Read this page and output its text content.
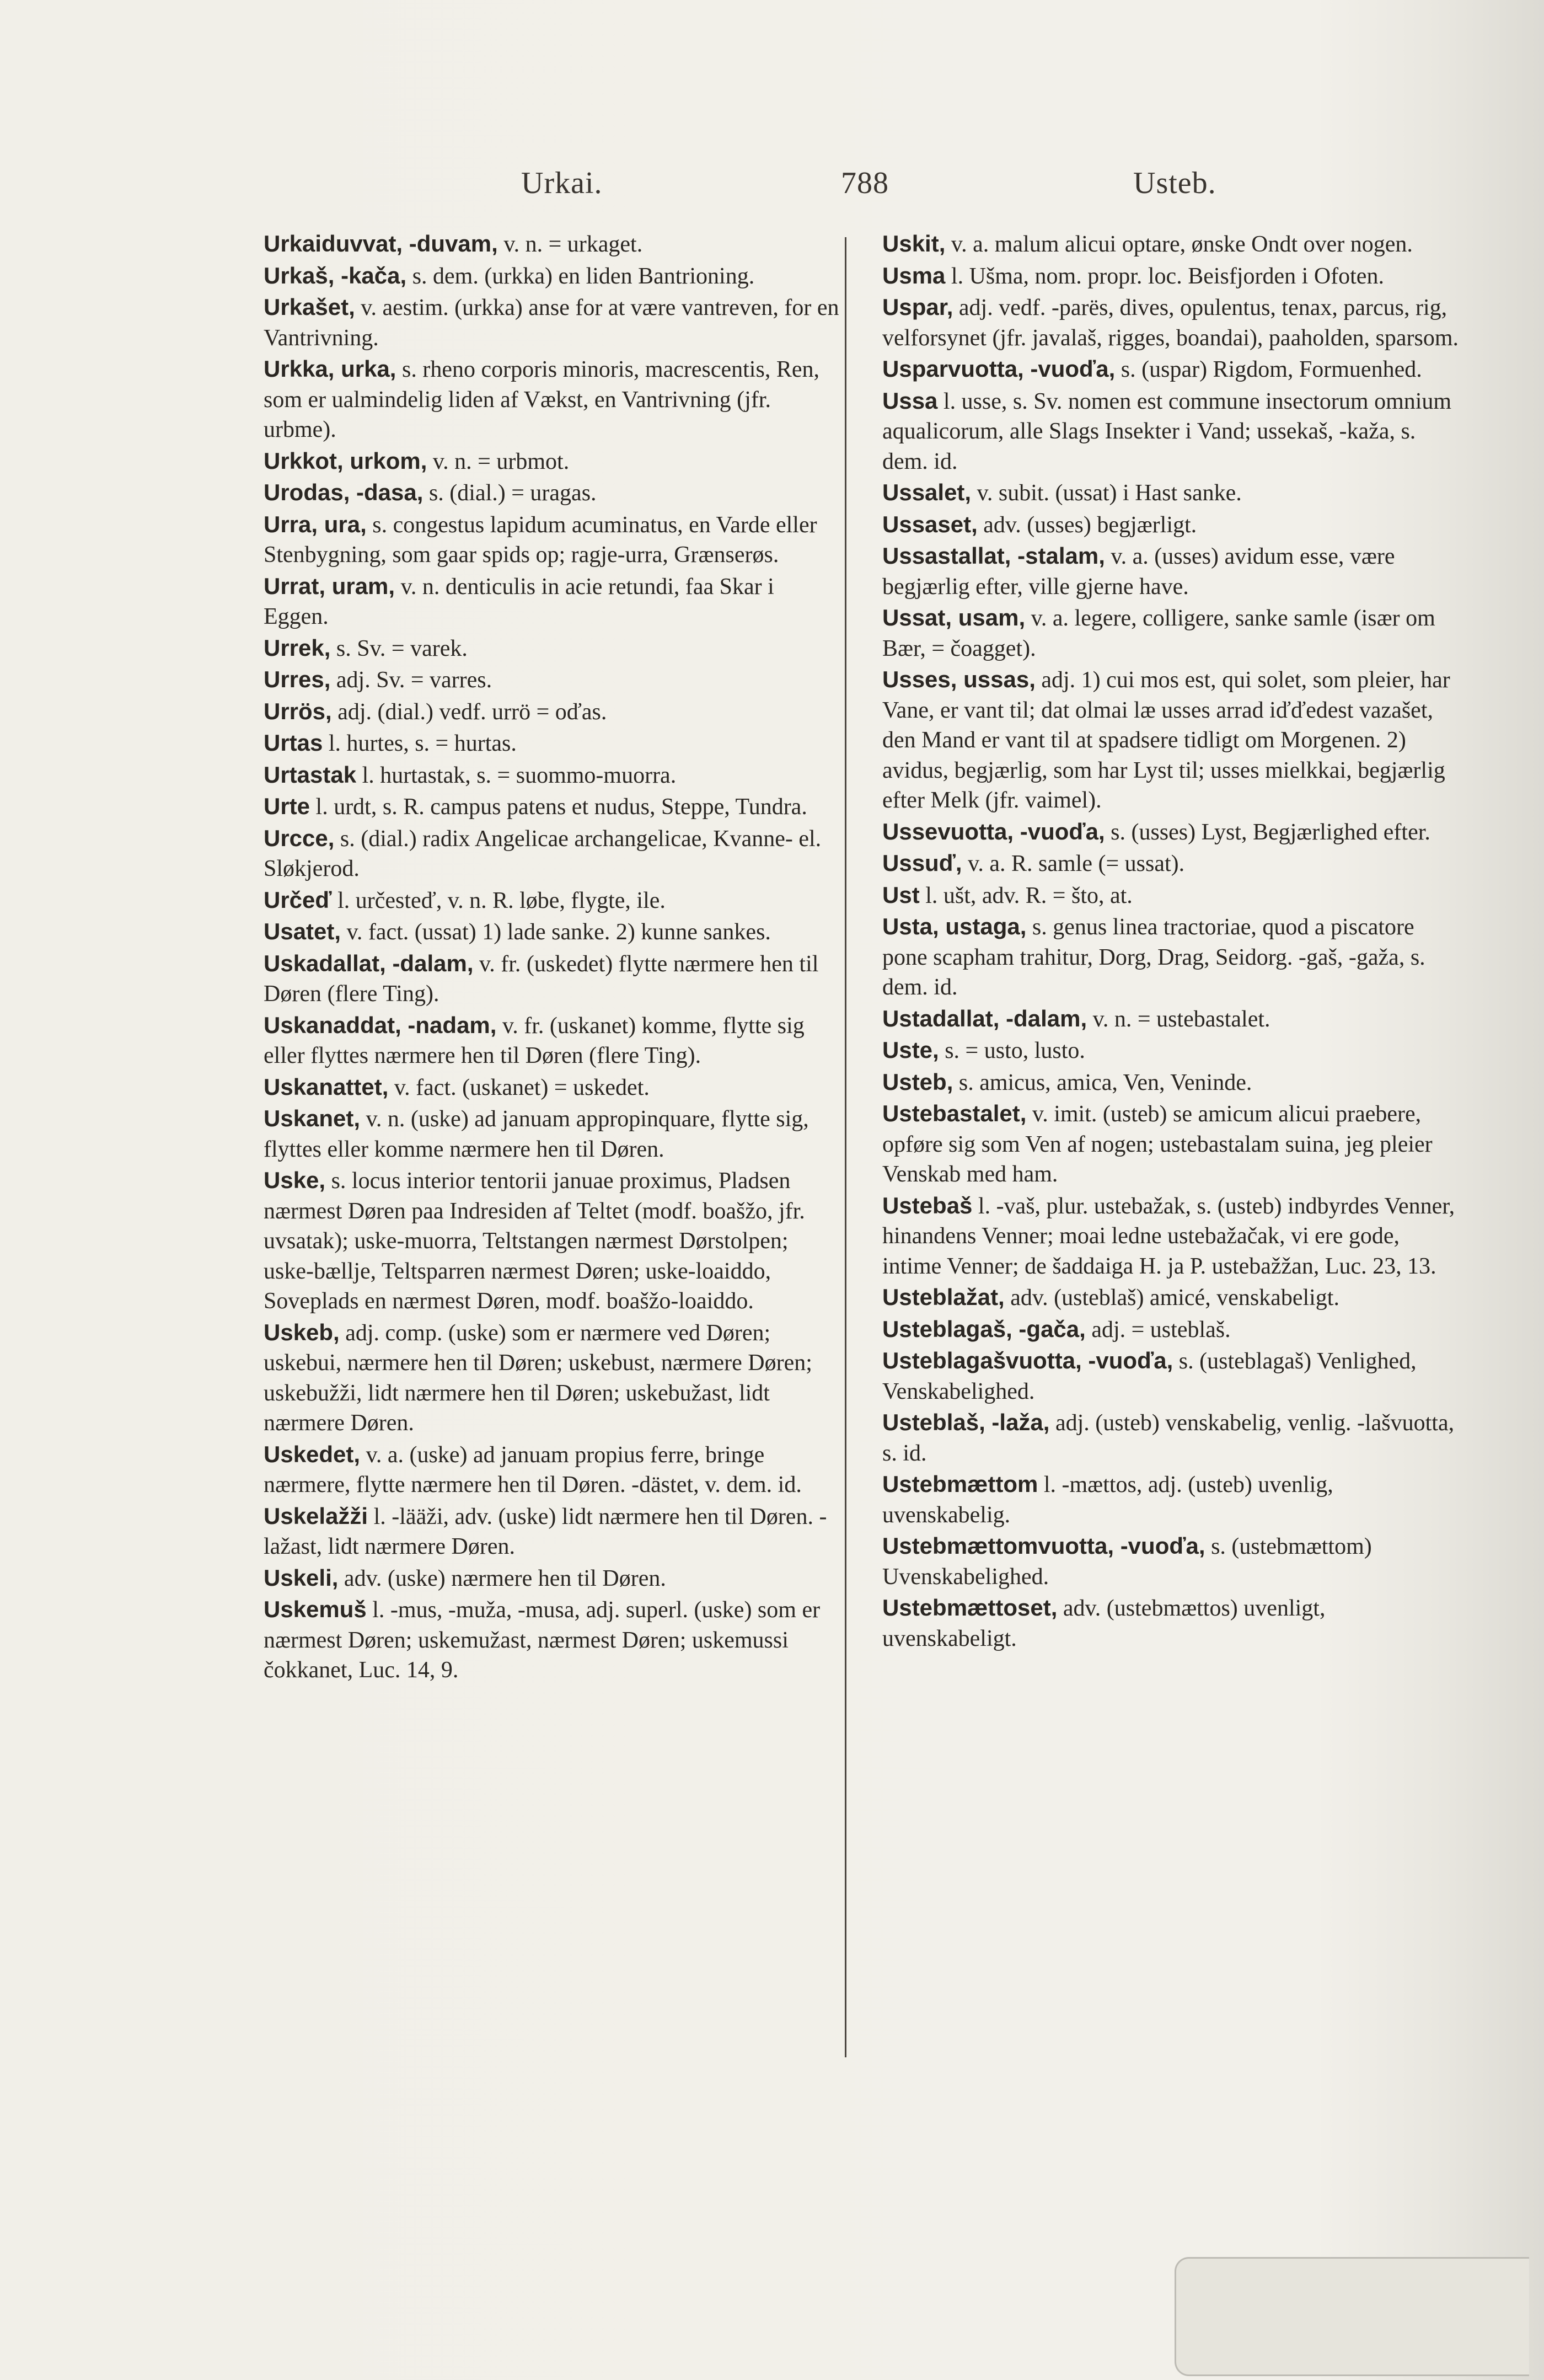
Urkai.	788	Usteb.

Urkaiduvvat, -duvam, v. n. = urkaget.

Urkaš, -kača, s. dem. (urkka) en liden Bantrioning.

Urkašet, v. aestim. (urkka) anse for at være vantreven, for en Vantrivning.

Urkka, urka, s. rheno corporis minoris, macrescentis, Ren, som er ualmindelig liden af Vækst, en Vantrivning (jfr. urbme).

Urkkot, urkom, v. n. = urbmot.

Urodas, -dasa, s. (dial.) = uragas.

Urra, ura, s. congestus lapidum acuminatus, en Varde eller Stenbygning, som gaar spids op; ragje-urra, Grænserøs.

Urrat, uram, v. n. denticulis in acie retundi, faa Skar i Eggen.

Urrek, s. Sv. = varek.

Urres, adj. Sv. = varres.

Urrös, adj. (dial.) vedf. urrö = oďas.

Urtas l. hurtes, s. = hurtas.

Urtastak l. hurtastak, s. = suommo-muorra.

Urte l. urdt, s. R. campus patens et nudus, Steppe, Tundra.

Urcce, s. (dial.) radix Angelicae archangelicae, Kvanne- el. Sløkjerod.

Určeď l. určesteď, v. n. R. løbe, flygte, ile.

Usatet, v. fact. (ussat) 1) lade sanke. 2) kunne sankes.

Uskadallat, -dalam, v. fr. (uskedet) flytte nærmere hen til Døren (flere Ting).

Uskanaddat, -nadam, v. fr. (uskanet) komme, flytte sig eller flyttes nærmere hen til Døren (flere Ting).

Uskanattet, v. fact. (uskanet) = uskedet.

Uskanet, v. n. (uske) ad januam appropinquare, flytte sig, flyttes eller komme nærmere hen til Døren.

Uske, s. locus interior tentorii januae proximus, Pladsen nærmest Døren paa Indresiden af Teltet (modf. boašžo, jfr. uvsatak); uske-muorra, Teltstangen nærmest Dørstolpen; uske-bællje, Teltsparren nærmest Døren; uske-loaiddo, Soveplads en nærmest Døren, modf. boašžo-loaiddo.

Uskeb, adj. comp. (uske) som er nærmere ved Døren; uskebui, nærmere hen til Døren; uskebust, nærmere Døren; uskebužži, lidt nærmere hen til Døren; uskebužast, lidt nærmere Døren.

Uskedet, v. a. (uske) ad januam propius ferre, bringe nærmere, flytte nærmere hen til Døren. -dästet, v. dem. id.

Uskelažži l. -lääži, adv. (uske) lidt nærmere hen til Døren. -lažast, lidt nærmere Døren.

Uskeli, adv. (uske) nærmere hen til Døren.

Uskemuš l. -mus, -muža, -musa, adj. superl. (uske) som er nærmest Døren; uskemužast, nærmest Døren; uskemussi čokkanet, Luc. 14, 9.

Uskit, v. a. malum alicui optare, ønske Ondt over nogen.

Usma l. Ušma, nom. propr. loc. Beisfjorden i Ofoten.

Uspar, adj. vedf. -parës, dives, opulentus, tenax, parcus, rig, velforsynet (jfr. javalaš, rigges, boandai), paaholden, sparsom.

Usparvuotta, -vuoďa, s. (uspar) Rigdom, Formuenhed.

Ussa l. usse, s. Sv. nomen est commune insectorum omnium aqualicorum, alle Slags Insekter i Vand; ussekaš, -kaža, s. dem. id.

Ussalet, v. subit. (ussat) i Hast sanke.

Ussaset, adv. (usses) begjærligt.

Ussastallat, -stalam, v. a. (usses) avidum esse, være begjærlig efter, ville gjerne have.

Ussat, usam, v. a. legere, colligere, sanke samle (især om Bær, = čoagget).

Usses, ussas, adj. 1) cui mos est, qui solet, som pleier, har Vane, er vant til; dat olmai læ usses arrad iďďedest vazašet, den Mand er vant til at spadsere tidligt om Morgenen. 2) avidus, begjærlig, som har Lyst til; usses mielkkai, begjærlig efter Melk (jfr. vaimel).

Ussevuotta, -vuoďa, s. (usses) Lyst, Begjærlighed efter.

Ussuď, v. a. R. samle (= ussat).

Ust l. ušt, adv. R. = što, at.

Usta, ustaga, s. genus linea tractoriae, quod a piscatore pone scapham trahitur, Dorg, Drag, Seidorg. -gaš, -gaža, s. dem. id.

Ustadallat, -dalam, v. n. = ustebastalet.

Uste, s. = usto, lusto.

Usteb, s. amicus, amica, Ven, Veninde.

Ustebastalet, v. imit. (usteb) se amicum alicui praebere, opføre sig som Ven af nogen; ustebastalam suina, jeg pleier Venskab med ham.

Ustebaš l. -vaš, plur. ustebažak, s. (usteb) indbyrdes Venner, hinandens Venner; moai ledne ustebažačak, vi ere gode, intime Venner; de šaddaiga H. ja P. ustebažžan, Luc. 23, 13.

Usteblažat, adv. (usteblaš) amicé, venskabeligt.

Usteblagaš, -gača, adj. = usteblaš.

Usteblagašvuotta, -vuoďa, s. (usteblagaš) Venlighed, Venskabelighed.

Usteblaš, -laža, adj. (usteb) venskabelig, venlig. -lašvuotta, s. id.

Ustebmættom l. -mættos, adj. (usteb) uvenlig, uvenskabelig.

Ustebmættomvuotta, -vuoďa, s. (ustebmættom) Uvenskabelighed.

Ustebmættoset, adv. (ustebmættos) uvenligt, uvenskabeligt.
